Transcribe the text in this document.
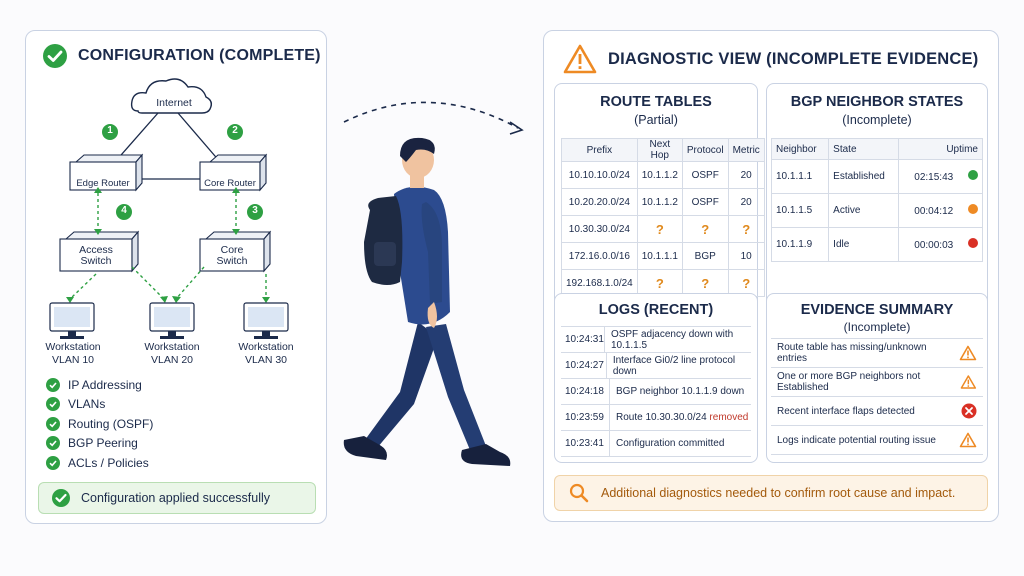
CONFIGURATION (COMPLETE)
Internet
Edge Router	Core Router
Access
Switch
Core
Switch
1	2
3
4
Workstation
VLAN 10
Workstation
VLAN 20
Workstation
VLAN 30
IP Addressing
VLANs
Routing (OSPF)
BGP Peering
ACLs / Policies
Configuration applied successfully
DIAGNOSTIC VIEW (INCOMPLETE EVIDENCE)
ROUTE TABLES
(Partial)
Prefix	Next Hop	Protocol	Metric
10.10.10.0/24	10.1.1.2	OSPF	20
10.20.20.0/24	10.1.1.2	OSPF	20
10.30.30.0/24	?	?	?
172.16.0.0/16	10.1.1.1	BGP	10
192.168.1.0/24	?	?	?
BGP NEIGHBOR STATES
(Incomplete)
Neighbor	State	Uptime
10.1.1.1	Established	02:15:43
10.1.1.5	Active	00:04:12
10.1.1.9	Idle	00:00:03
LOGS (RECENT)
10:24:31 OSPF adjacency down with 10.1.1.5
10:24:27 Interface Gi0/2 line protocol down
10:24:18	BGP neighbor 10.1.1.9 down
10:23:59	Route 10.30.30.0/24 removed
10:23:41	Configuration committed
EVIDENCE SUMMARY
(Incomplete)
Route table has missing/unknown entries
One or more BGP neighbors not Established
Recent interface flaps detected
Logs indicate potential routing issue
Additional diagnostics needed to confirm root cause and impact.
